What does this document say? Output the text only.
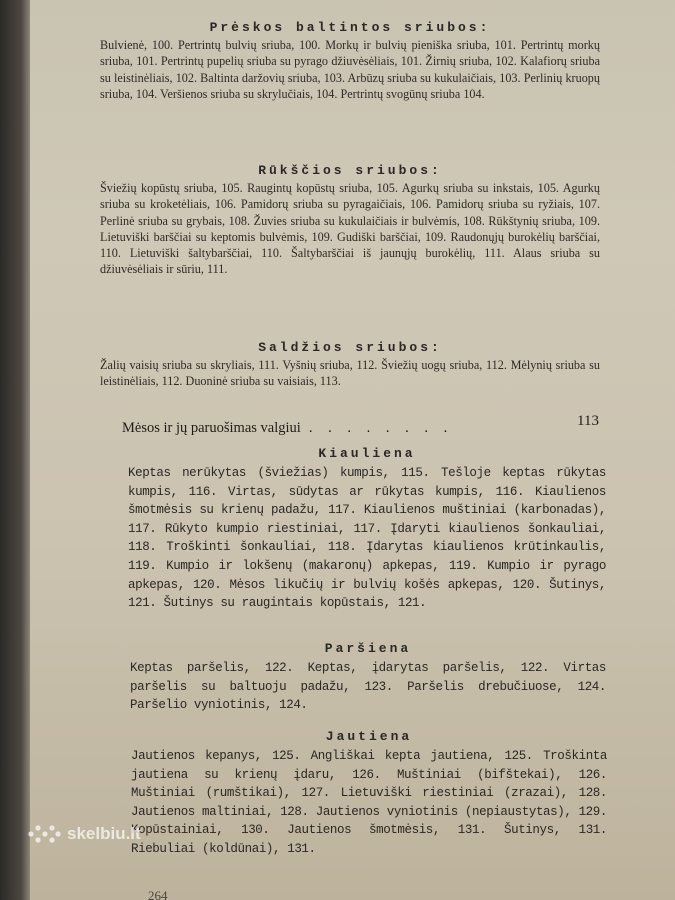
Prėskos baltintos sriubos:
Bulvienė, 100. Pertrintų bulvių sriuba, 100. Morkų ir bulvių pieniška sriuba, 101. Pertrintų morkų sriuba, 101. Pertrintų pupelių sriuba su pyrago džiuvėsėliais, 101. Žirnių sriuba, 102. Kalafiorų sriuba su leistinėliais, 102. Baltinta daržovių sriuba, 103. Arbūzų sriuba su kukulaičiais, 103. Perlinių kruopų sriuba, 104. Veršienos sriuba su skrylučiais, 104. Pertrintų svogūnų sriuba 104.
Rūkščios sriubos:
Šviežių kopūstų sriuba, 105. Raugintų kopūstų sriuba, 105. Agurkų sriuba su inkstais, 105. Agurkų sriuba su kroketėliais, 106. Pamidorų sriuba su pyragaičiais, 106. Pamidorų sriuba su ryžiais, 107. Perlinė sriuba su grybais, 108. Žuvies sriuba su kukulaičiais ir bulvėmis, 108. Rūkštynių sriuba, 109. Lietuviški barščiai su keptomis bulvėmis, 109. Gudiški barščiai, 109. Raudonųjų burokėlių barščiai, 110. Lietuviški šaltybarščiai, 110. Šaltybarščiai iš jaunųjų burokėlių, 111. Alaus sriuba su džiuvėsėliais ir sūriu, 111.
Saldžios sriubos:
Žalių vaisių sriuba su skryliais, 111. Vyšnių sriuba, 112. Šviežių uogų sriuba, 112. Mėlynių sriuba su leistinėliais, 112. Duoninė sriuba su vaisiais, 113.
Mėsos ir jų paruošimas valgiui . . . . . . . .	113
Kiauliena
Keptas nerūkytas (šviežias) kumpis, 115. Tešloje keptas rūkytas kumpis, 116. Virtas, sūdytas ar rūkytas kumpis, 116. Kiaulienos šmotmėsis su krienų padažu, 117. Kiaulienos muštiniai (karbonadas), 117. Rūkyto kumpio riestiniai, 117. Įdaryti kiaulienos šonkauliai, 118. Troškinti šonkauliai, 118. Įdarytas kiaulienos krūtinkaulis, 119. Kumpio ir lokšenų (makaronų) apkepas, 119. Kumpio ir pyrago apkepas, 120. Mėsos likučių ir bulvių košės apkepas, 120. Šutinys, 121. Šutinys su raugintais kopūstais, 121.
Paršiena
Keptas paršelis, 122. Keptas, įdarytas paršelis, 122. Virtas paršelis su baltuoju padažu, 123. Paršelis drebučiuose, 124. Paršelio vyniotinis, 124.
Jautiena
Jautienos kepanys, 125. Angliškai kepta jautiena, 125. Troškinta jautiena su krienų įdaru, 126. Muštiniai (bifštekai), 126. Muštiniai (rumštikai), 127. Lietuviški riestiniai (zrazai), 128. Jautienos maltiniai, 128. Jautienos vyniotinis (nepiaustytas), 129. Kopūstainiai, 130. Jautienos šmotmėsis, 131. Šutinys, 131. Riebuliai (koldūnai), 131.
264
skelbiu.lt
